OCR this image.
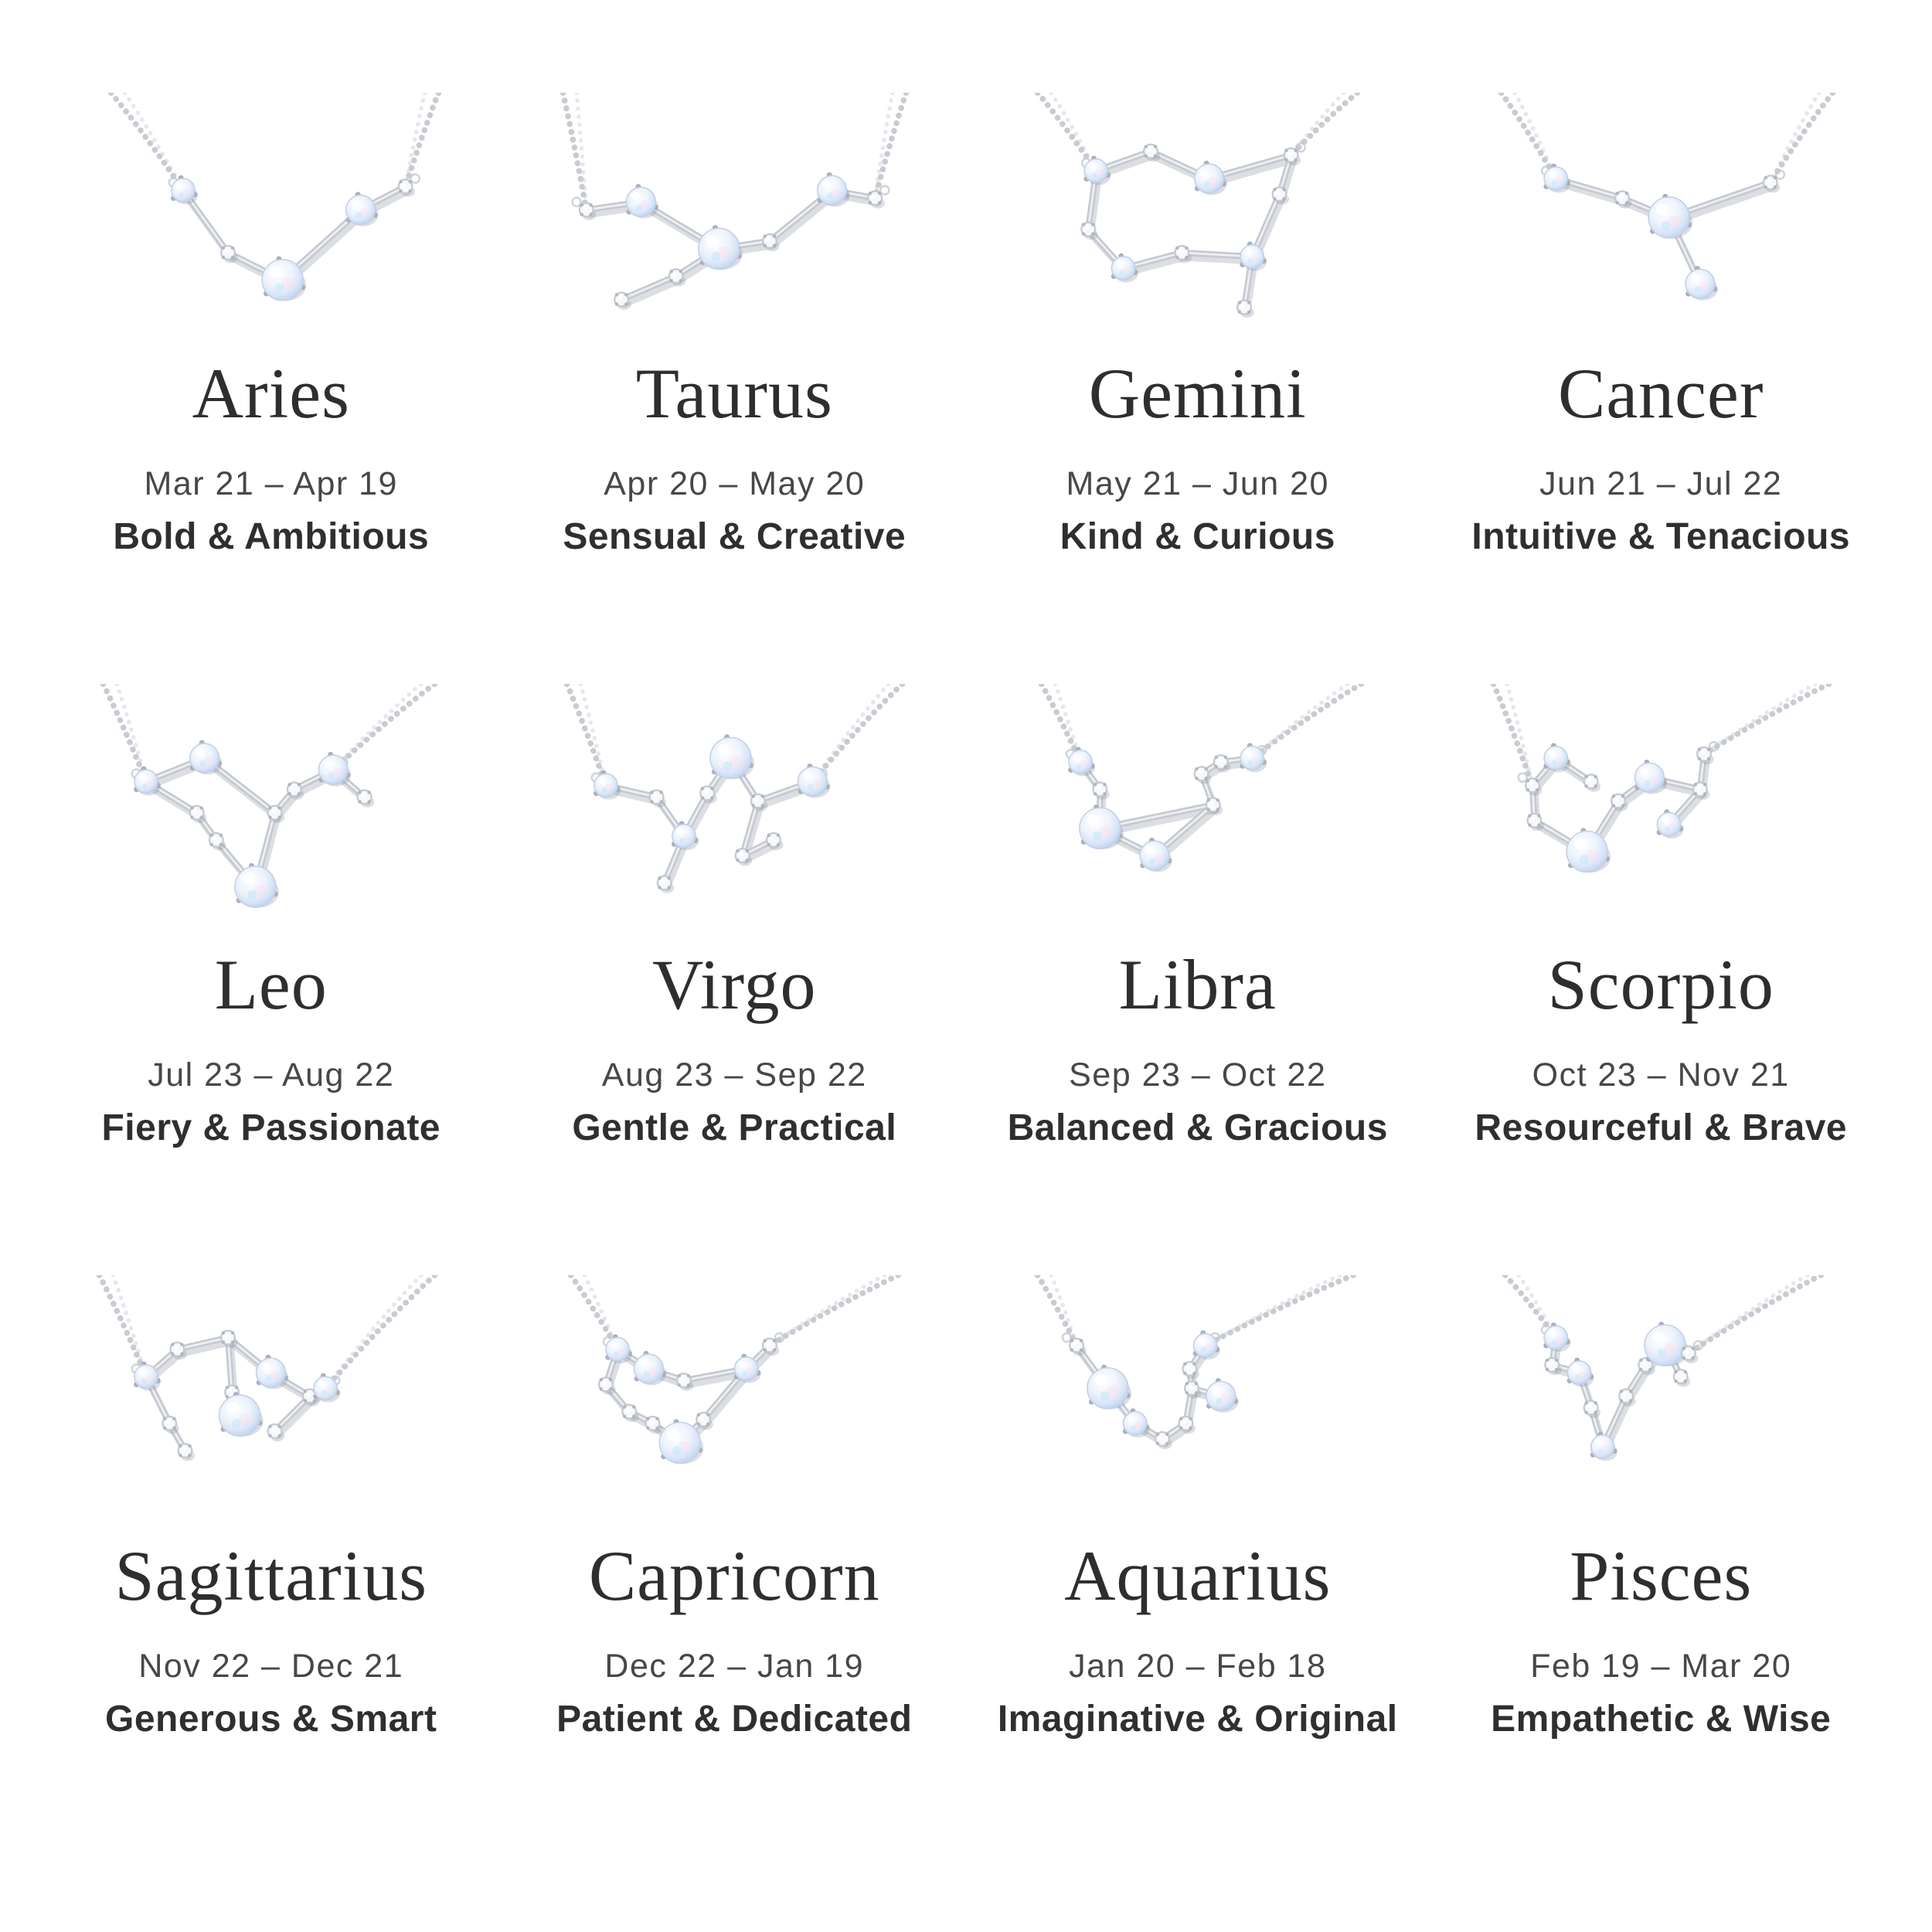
Aries

Mar 21 – Apr 19

Bold & Ambitious

Taurus

Apr 20 – May 20

Sensual & Creative

Gemini

May 21 – Jun 20

Kind & Curious

Cancer

Jun 21 – Jul 22

Intuitive & Tenacious

Leo

Jul 23 – Aug 22

Fiery & Passionate

Virgo

Aug 23 – Sep 22

Gentle & Practical

Libra

Sep 23 – Oct 22

Balanced & Gracious

Scorpio

Oct 23 – Nov 21

Resourceful & Brave

Sagittarius

Nov 22 – Dec 21

Generous & Smart

Capricorn

Dec 22 – Jan 19

Patient & Dedicated

Aquarius

Jan 20 – Feb 18

Imaginative & Original

Pisces

Feb 19 – Mar 20

Empathetic & Wise
